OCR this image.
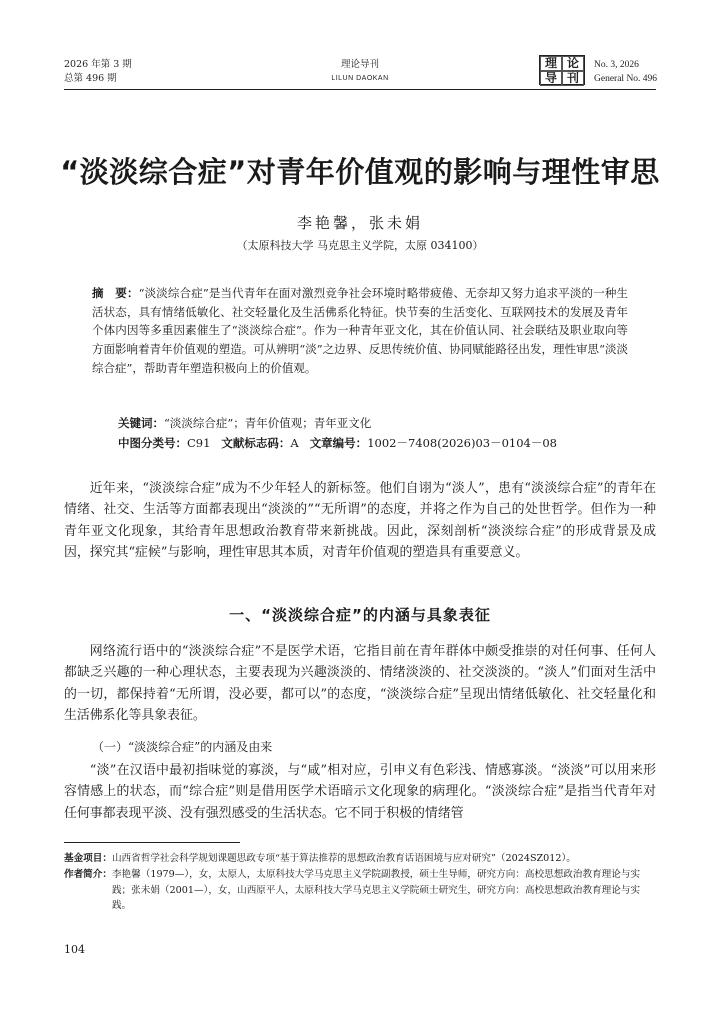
2026 年第 3 期
总第 496 期
理论导刊
LILUN DAOKAN
理 论
导 刊
No. 3, 2026
General No. 496
“淡淡综合症”对青年价值观的影响与理性审思
李艳馨，张未娟
（太原科技大学 马克思主义学院，太原 034100）
摘　要：“淡淡综合症”是当代青年在面对激烈竞争社会环境时略带疲倦、无奈却又努力追求平淡的一种生活状态，具有情绪低敏化、社交轻量化及生活佛系化特征。快节奏的生活变化、互联网技术的发展及青年个体内因等多重因素催生了“淡淡综合症”。作为一种青年亚文化，其在价值认同、社会联结及职业取向等方面影响着青年价值观的塑造。可从辨明“淡”之边界、反思传统价值、协同赋能路径出发，理性审思“淡淡综合症”，帮助青年塑造积极向上的价值观。
关键词：“淡淡综合症”；青年价值观；青年亚文化
中图分类号：C91 文献标志码：A 文章编号：1002－7408(2026)03－0104－08
近年来，“淡淡综合症”成为不少年轻人的新标签。他们自诩为“淡人”，患有“淡淡综合症”的青年在情绪、社交、生活等方面都表现出“淡淡的”“无所谓”的态度，并将之作为自己的处世哲学。但作为一种青年亚文化现象，其给青年思想政治教育带来新挑战。因此，深刻剖析“淡淡综合症”的形成背景及成因，探究其“症候”与影响，理性审思其本质，对青年价值观的塑造具有重要意义。
一、“淡淡综合症”的内涵与具象表征
网络流行语中的“淡淡综合症”不是医学术语，它指目前在青年群体中颇受推崇的对任何事、任何人都缺乏兴趣的一种心理状态，主要表现为兴趣淡淡的、情绪淡淡的、社交淡淡的。“淡人”们面对生活中的一切，都保持着“无所谓，没必要，都可以”的态度，“淡淡综合症”呈现出情绪低敏化、社交轻量化和生活佛系化等具象表征。
（一）“淡淡综合症”的内涵及由来
“淡”在汉语中最初指味觉的寡淡，与“咸”相对应，引申义有色彩浅、情感寡淡。“淡淡”可以用来形容情感上的状态，而“综合症”则是借用医学术语暗示文化现象的病理化。“淡淡综合症”是指当代青年对任何事都表现平淡、没有强烈感受的生活状态。它不同于积极的情绪管
基金项目： 山西省哲学社会科学规划课题思政专项“基于算法推荐的思想政治教育话语困境与应对研究”（2024SZ012）。
作者简介： 李艳馨（1979—），女，太原人，太原科技大学马克思主义学院副教授，硕士生导师，研究方向：高校思想政治教育理论与实践；张未娟（2001—），女，山西原平人，太原科技大学马克思主义学院硕士研究生，研究方向：高校思想政治教育理论与实践。
104
